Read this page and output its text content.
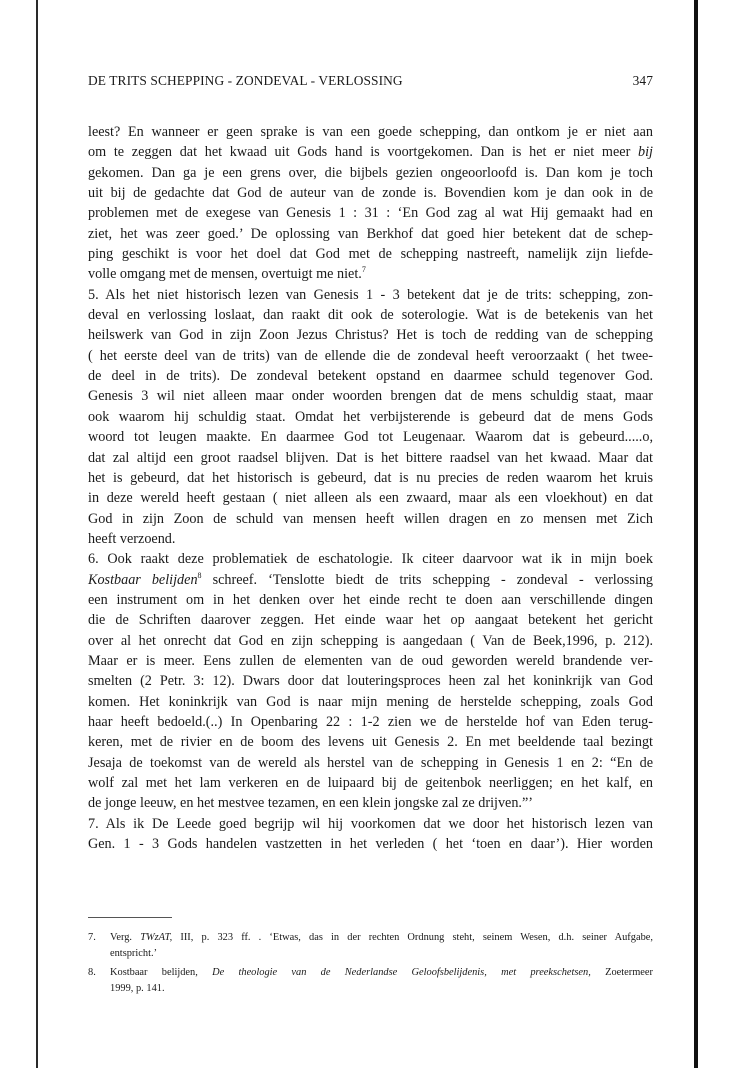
DE TRITS SCHEPPING - ZONDEVAL - VERLOSSING	347
leest? En wanneer er geen sprake is van een goede schepping, dan ontkom je er niet aan
om te zeggen dat het kwaad uit Gods hand is voortgekomen. Dan is het er niet meer bij
gekomen. Dan ga je een grens over, die bijbels gezien ongeoorloofd is. Dan kom je toch
uit bij de gedachte dat God de auteur van de zonde is. Bovendien kom je dan ook in de
problemen met de exegese van Genesis 1 : 31 : ‘En God zag al wat Hij gemaakt had en
ziet, het was zeer goed.’ De oplossing van Berkhof dat goed hier betekent dat de schep-
ping geschikt is voor het doel dat God met de schepping nastreeft, namelijk zijn liefde-
volle omgang met de mensen, overtuigt me niet.$^7$
5. Als het niet historisch lezen van Genesis 1 - 3 betekent dat je de trits: schepping, zon-
deval en verlossing loslaat, dan raakt dit ook de soterologie. Wat is de betekenis van het
heilswerk van God in zijn Zoon Jezus Christus? Het is toch de redding van de schepping
( het eerste deel van de trits) van de ellende die de zondeval heeft veroorzaakt ( het twee-
de deel in de trits). De zondeval betekent opstand en daarmee schuld tegenover God.
Genesis 3 wil niet alleen maar onder woorden brengen dat de mens schuldig staat, maar
ook waarom hij schuldig staat. Omdat het verbijsterende is gebeurd dat de mens Gods
woord tot leugen maakte. En daarmee God tot Leugenaar. Waarom dat is gebeurd.....o,
dat zal altijd een groot raadsel blijven. Dat is het bittere raadsel van het kwaad. Maar dat
het is gebeurd, dat het historisch is gebeurd, dat is nu precies de reden waarom het kruis
in deze wereld heeft gestaan ( niet alleen als een zwaard, maar als een vloekhout) en dat
God in zijn Zoon de schuld van mensen heeft willen dragen en zo mensen met Zich
heeft verzoend.
6. Ook raakt deze problematiek de eschatologie. Ik citeer daarvoor wat ik in mijn boek
Kostbaar belijden$^8$ schreef. ‘Tenslotte biedt de trits schepping - zondeval - verlossing
een instrument om in het denken over het einde recht te doen aan verschillende dingen
die de Schriften daarover zeggen. Het einde waar het op aangaat betekent het gericht
over al het onrecht dat God en zijn schepping is aangedaan ( Van de Beek,1996, p. 212).
Maar er is meer. Eens zullen de elementen van de oud geworden wereld brandende ver-
smelten (2 Petr. 3: 12). Dwars door dat louteringsproces heen zal het koninkrijk van God
komen. Het koninkrijk van God is naar mijn mening de herstelde schepping, zoals God
haar heeft bedoeld.(..) In Openbaring 22 : 1-2 zien we de herstelde hof van Eden terug-
keren, met de rivier en de boom des levens uit Genesis 2. En met beeldende taal bezingt
Jesaja de toekomst van de wereld als herstel van de schepping in Genesis 1 en 2: “En de
wolf zal met het lam verkeren en de luipaard bij de geitenbok neerliggen; en het kalf, en
de jonge leeuw, en het mestvee tezamen, en een klein jongske zal ze drijven.”’
7. Als ik De Leede goed begrijp wil hij voorkomen dat we door het historisch lezen van
Gen. 1 - 3 Gods handelen vastzetten in het verleden ( het ‘toen en daar’). Hier worden
7. Verg. TWzAT, III, p. 323 ff. . ‘Etwas, das in der rechten Ordnung steht, seinem Wesen, d.h. seiner Aufgabe,
entspricht.’
8. Kostbaar belijden, De theologie van de Nederlandse Geloofsbelijdenis, met preekschetsen, Zoetermeer
1999, p. 141.
